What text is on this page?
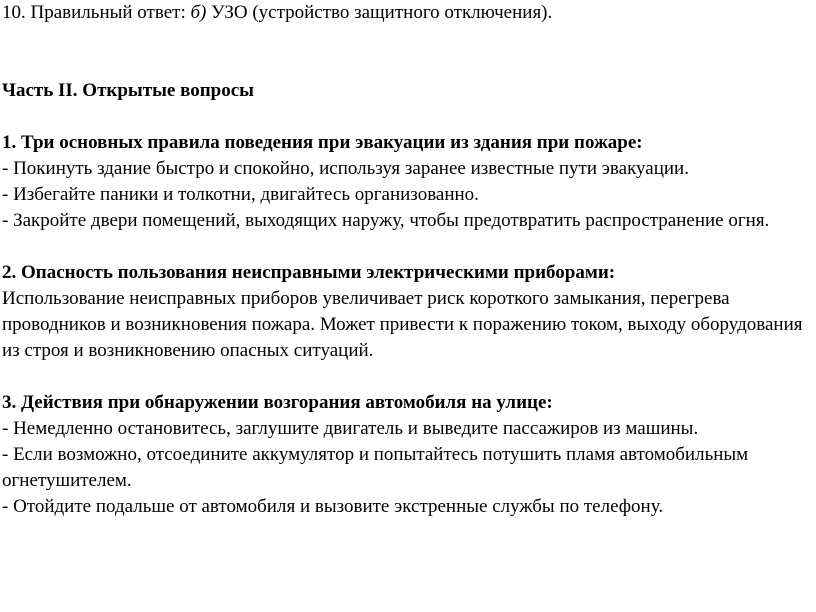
10. Правильный ответ: б) УЗО (устройство защитного отключения).

Часть II. Открытые вопросы

1. Три основных правила поведения при эвакуации из здания при пожаре:

- Покинуть здание быстро и спокойно, используя заранее известные пути эвакуации.

- Избегайте паники и толкотни, двигайтесь организованно.

- Закройте двери помещений, выходящих наружу, чтобы предотвратить распространение огня.

2. Опасность пользования неисправными электрическими приборами:

Использование неисправных приборов увеличивает риск короткого замыкания, перегрева проводников и возникновения пожара. Может привести к поражению током, выходу оборудования из строя и возникновению опасных ситуаций.

3. Действия при обнаружении возгорания автомобиля на улице:

- Немедленно остановитесь, заглушите двигатель и выведите пассажиров из машины.

- Если возможно, отсоедините аккумулятор и попытайтесь потушить пламя автомобильным огнетушителем.

- Отойдите подальше от автомобиля и вызовите экстренные службы по телефону.
